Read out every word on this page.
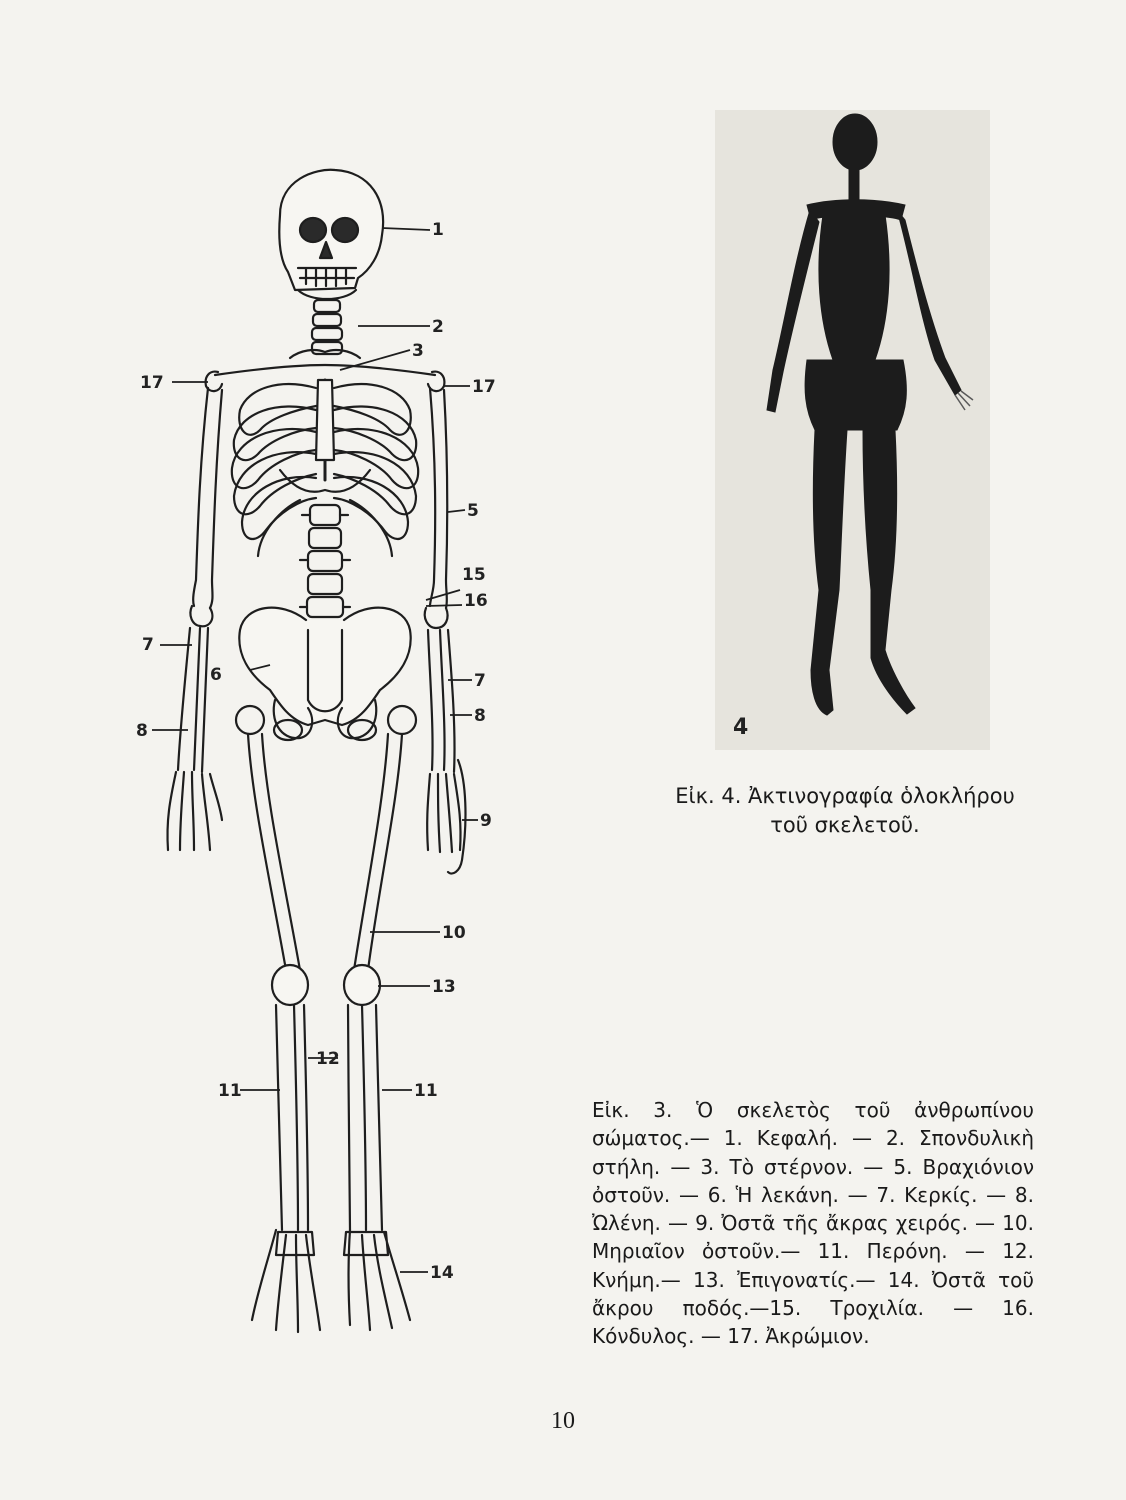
1
2
3
17	17
5
15
16
6
7
7
8
8
9
10
13
12
11	11
14
4
Εἰκ. 4. Ἀκτινογραφία ὁλοκλήρου
τοῦ σκελετοῦ.
Εἰκ. 3. Ὁ σκελετὸς τοῦ ἀνθρωπίνου σώματος.— 1. Κεφαλή. — 2. Σπονδυλικὴ στήλη. — 3. Τὸ στέρνον. — 5. Βραχιόνιον ὀστοῦν. — 6. Ἡ λεκάνη. — 7. Κερκίς. — 8. Ὠλένη. — 9. Ὀστᾶ τῆς ἄκρας χειρός. — 10. Μηριαῖον ὀστοῦν.— 11. Περόνη. — 12. Κνήμη.— 13. Ἐπιγονατίς.— 14. Ὀστᾶ τοῦ ἄκρου ποδός.—15. Τροχιλία. — 16. Κόνδυλος. — 17. Ἀκρώμιον.
10
